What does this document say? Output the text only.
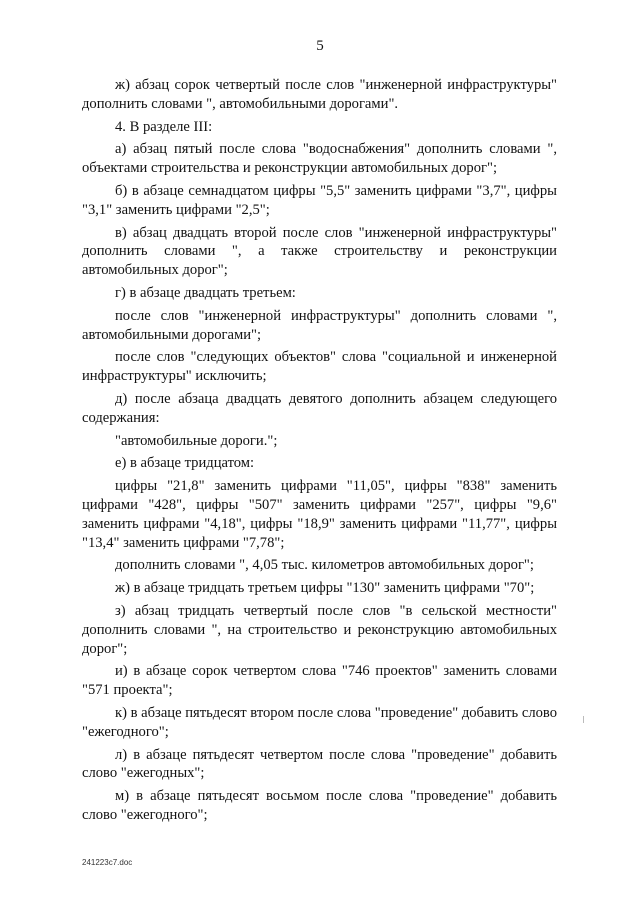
5

ж) абзац сорок четвертый после слов "инженерной инфраструктуры" дополнить словами ", автомобильными дорогами".

4. В разделе III:

а) абзац пятый после слова "водоснабжения" дополнить словами ", объектами строительства и реконструкции автомобильных дорог";

б) в абзаце семнадцатом цифры "5,5" заменить цифрами "3,7", цифры "3,1" заменить цифрами "2,5";

в) абзац двадцать второй после слов "инженерной инфраструктуры" дополнить словами ", а также строительству и реконструкции автомобильных дорог";

г) в абзаце двадцать третьем:

после слов "инженерной инфраструктуры" дополнить словами ", автомобильными дорогами";

после слов "следующих объектов" слова "социальной и инженерной инфраструктуры" исключить;

д) после абзаца двадцать девятого дополнить абзацем следующего содержания:

"автомобильные дороги.";

е) в абзаце тридцатом:

цифры "21,8" заменить цифрами "11,05", цифры "838" заменить цифрами "428", цифры "507" заменить цифрами "257", цифры "9,6" заменить цифрами "4,18", цифры "18,9" заменить цифрами "11,77", цифры "13,4" заменить цифрами "7,78";

дополнить словами ", 4,05 тыс. километров автомобильных дорог";

ж) в абзаце тридцать третьем цифры "130" заменить цифрами "70";

з) абзац тридцать четвертый после слов "в сельской местности" дополнить словами ", на строительство и реконструкцию автомобильных дорог";

и) в абзаце сорок четвертом слова "746 проектов" заменить словами "571 проекта";

к) в абзаце пятьдесят втором после слова "проведение" добавить слово "ежегодного";

л) в абзаце пятьдесят четвертом после слова "проведение" добавить слово "ежегодных";

м) в абзаце пятьдесят восьмом после слова "проведение" добавить слово "ежегодного";

241223c7.doc
